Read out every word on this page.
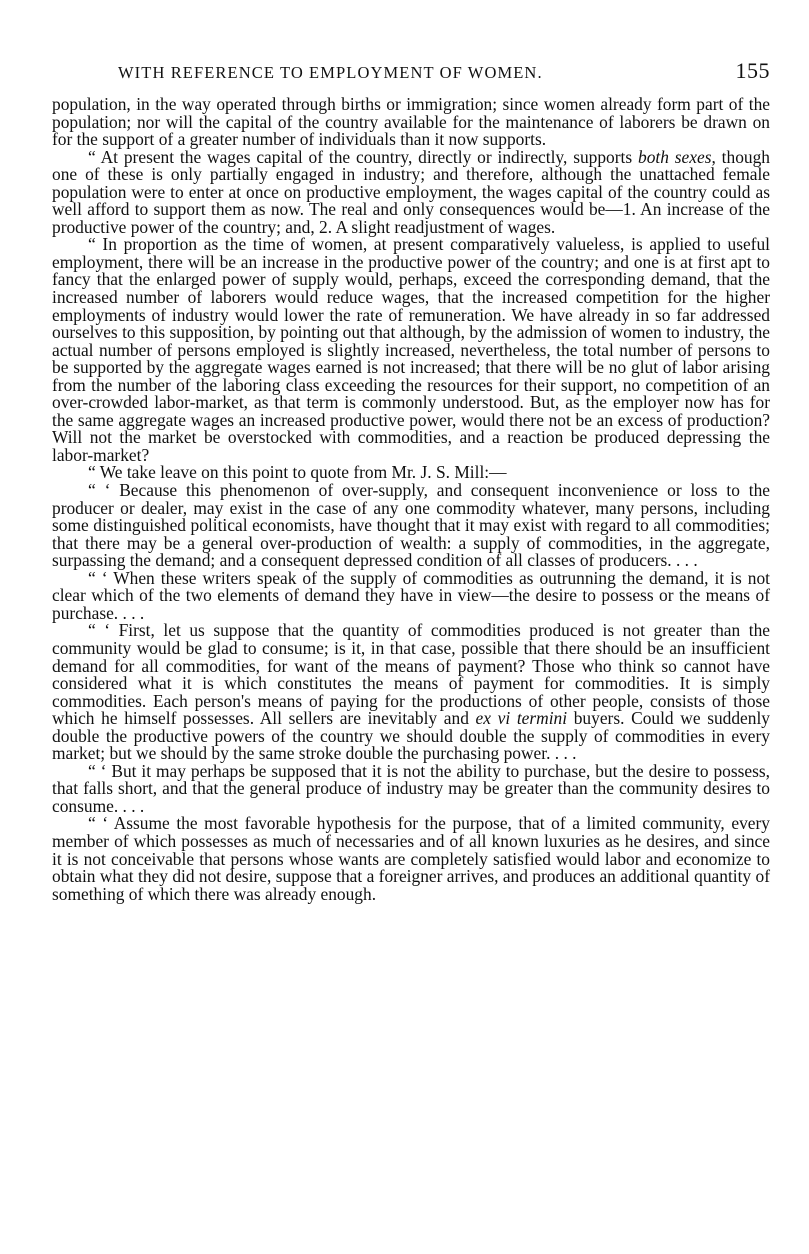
WITH REFERENCE TO EMPLOYMENT OF WOMEN.	155

population, in the way operated through births or immigration; since women already form part of the population; nor will the capital of the country available for the maintenance of laborers be drawn on for the support of a greater number of individuals than it now supports.

“ At present the wages capital of the country, directly or indirectly, supports both sexes, though one of these is only partially engaged in industry; and therefore, although the unattached female population were to enter at once on productive employment, the wages capital of the country could as well afford to support them as now. The real and only consequences would be—1. An increase of the productive power of the country; and, 2. A slight readjustment of wages.

“ In proportion as the time of women, at present comparatively valueless, is applied to useful employment, there will be an increase in the productive power of the country; and one is at first apt to fancy that the enlarged power of supply would, perhaps, exceed the corresponding demand, that the increased number of laborers would reduce wages, that the increased competition for the higher employments of industry would lower the rate of remuneration. We have already in so far addressed ourselves to this supposition, by pointing out that although, by the admission of women to industry, the actual number of persons employed is slightly increased, nevertheless, the total number of persons to be supported by the aggregate wages earned is not increased; that there will be no glut of labor arising from the number of the laboring class exceeding the resources for their support, no competition of an over-crowded labor-market, as that term is commonly understood. But, as the employer now has for the same aggregate wages an increased productive power, would there not be an excess of production? Will not the market be overstocked with commodities, and a reaction be produced depressing the labor-market?

“ We take leave on this point to quote from Mr. J. S. Mill:—

“ ‘ Because this phenomenon of over-supply, and consequent inconvenience or loss to the producer or dealer, may exist in the case of any one commodity whatever, many persons, including some distinguished political economists, have thought that it may exist with regard to all commodities; that there may be a general over-production of wealth: a supply of commodities, in the aggregate, surpassing the demand; and a consequent depressed condition of all classes of producers. . . .

“ ‘ When these writers speak of the supply of commodities as outrunning the demand, it is not clear which of the two elements of demand they have in view—the desire to possess or the means of purchase. . . .

“ ‘ First, let us suppose that the quantity of commodities produced is not greater than the community would be glad to consume; is it, in that case, possible that there should be an insufficient demand for all commodities, for want of the means of payment? Those who think so cannot have considered what it is which constitutes the means of payment for commodities. It is simply commodities. Each person's means of paying for the productions of other people, consists of those which he himself possesses. All sellers are inevitably and ex vi termini buyers. Could we suddenly double the productive powers of the country we should double the supply of commodities in every market; but we should by the same stroke double the purchasing power. . . .

“ ‘ But it may perhaps be supposed that it is not the ability to purchase, but the desire to possess, that falls short, and that the general produce of industry may be greater than the community desires to consume. . . .

“ ‘ Assume the most favorable hypothesis for the purpose, that of a limited community, every member of which possesses as much of necessaries and of all known luxuries as he desires, and since it is not conceivable that persons whose wants are completely satisfied would labor and economize to obtain what they did not desire, suppose that a foreigner arrives, and produces an additional quantity of something of which there was already enough.
